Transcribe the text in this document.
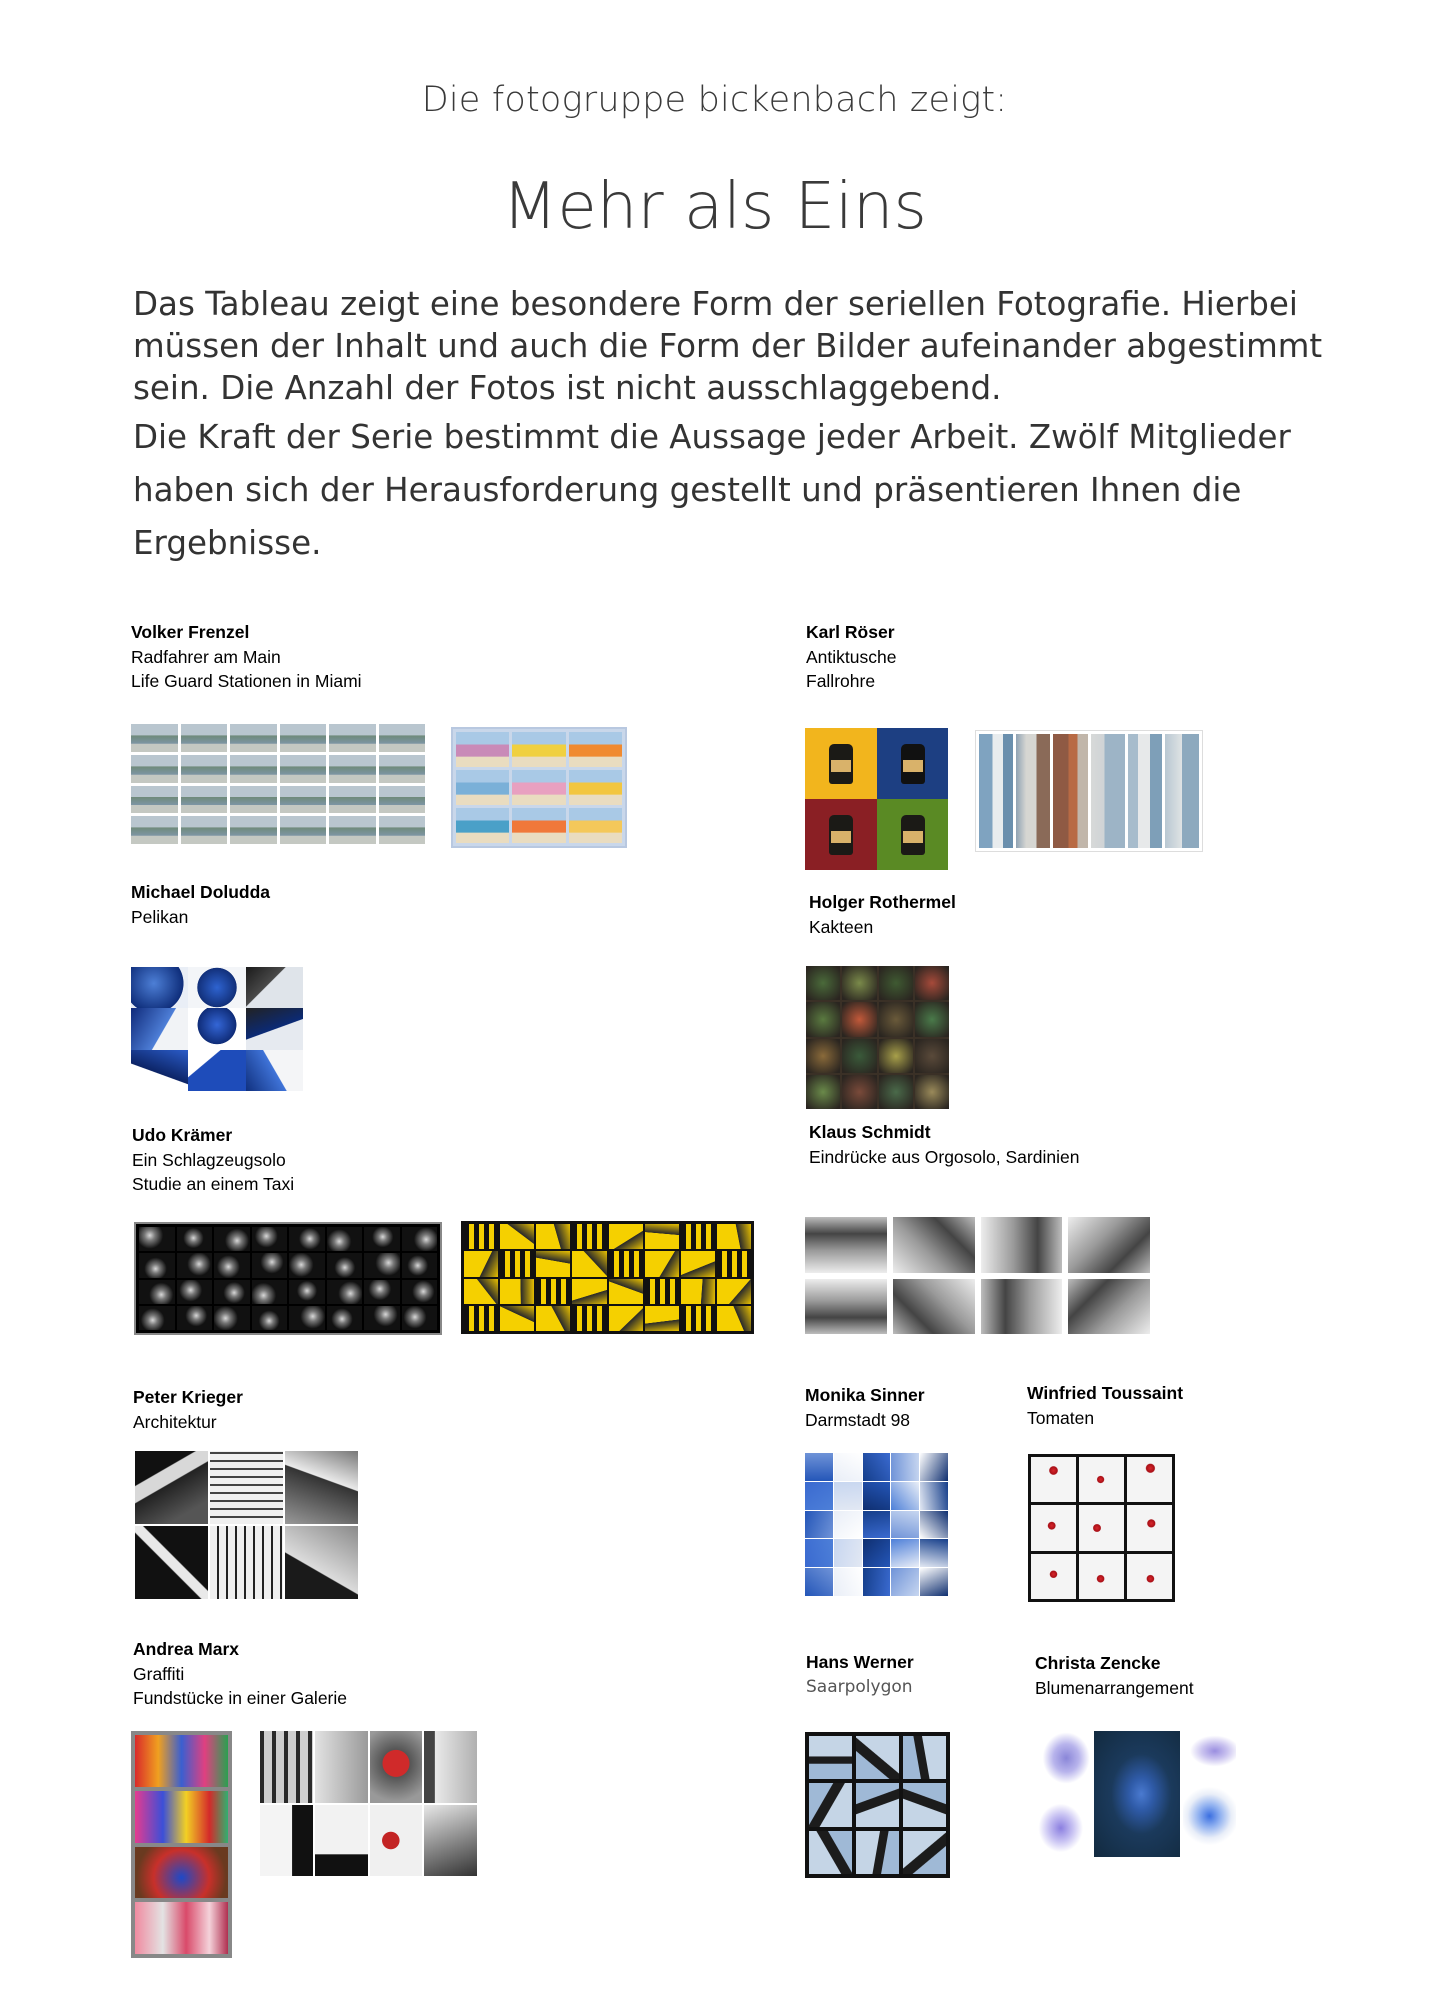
Die fotogruppe bickenbach zeigt:
Mehr als Eins

Das Tableau zeigt eine besondere Form der seriellen Fotografie. Hierbei müssen der Inhalt und auch die Form der Bilder aufeinander abgestimmt sein. Die Anzahl der Fotos ist nicht ausschlaggebend.

Die Kraft der Serie bestimmt die Aussage jeder Arbeit. Zwölf Mitglieder haben sich der Herausforderung gestellt und präsentieren Ihnen die Ergebnisse.

Volker Frenzel
Radfahrer am Main
Life Guard Stationen in Miami
Karl Röser
Antiktusche
Fallrohre
Michael Doludda
Pelikan
Holger Rothermel
Kakteen
Udo Krämer
Ein Schlagzeugsolo
Studie an einem Taxi
Klaus Schmidt
Eindrücke aus Orgosolo, Sardinien
Peter Krieger
Architektur
Monika Sinner
Darmstadt 98
Winfried Toussaint
Tomaten
Andrea Marx
Graffiti
Fundstücke in einer Galerie
Hans Werner
Saarpolygon
Christa Zencke
Blumenarrangement
